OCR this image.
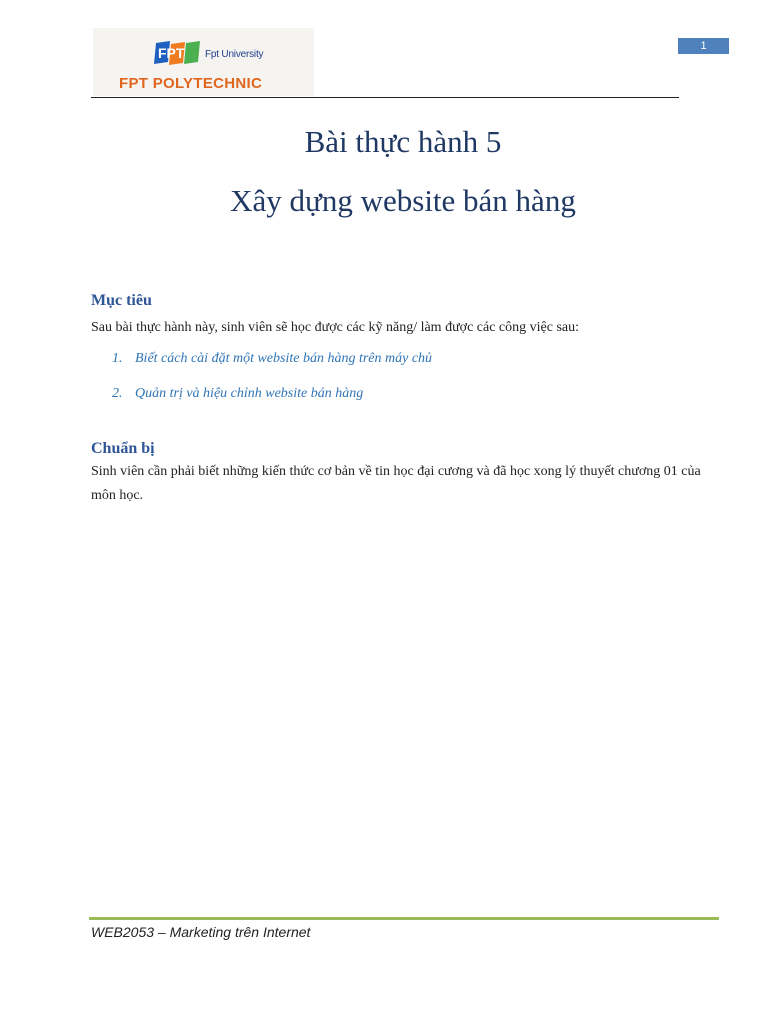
FPT Fpt University
FPT POLYTECHNIC
1
Bài thực hành 5
Xây dựng website bán hàng
Mục tiêu

Sau bài thực hành này, sinh viên sẽ học được các kỹ năng/ làm được các công việc sau:

1. Biết cách cài đặt một website bán hàng trên máy chủ
2. Quản trị và hiệu chỉnh website bán hàng
Chuẩn bị

Sinh viên cần phải biết những kiến thức cơ bản về tin học đại cương và đã học xong lý thuyết chương 01 của môn học.

WEB2053 – Marketing trên Internet
